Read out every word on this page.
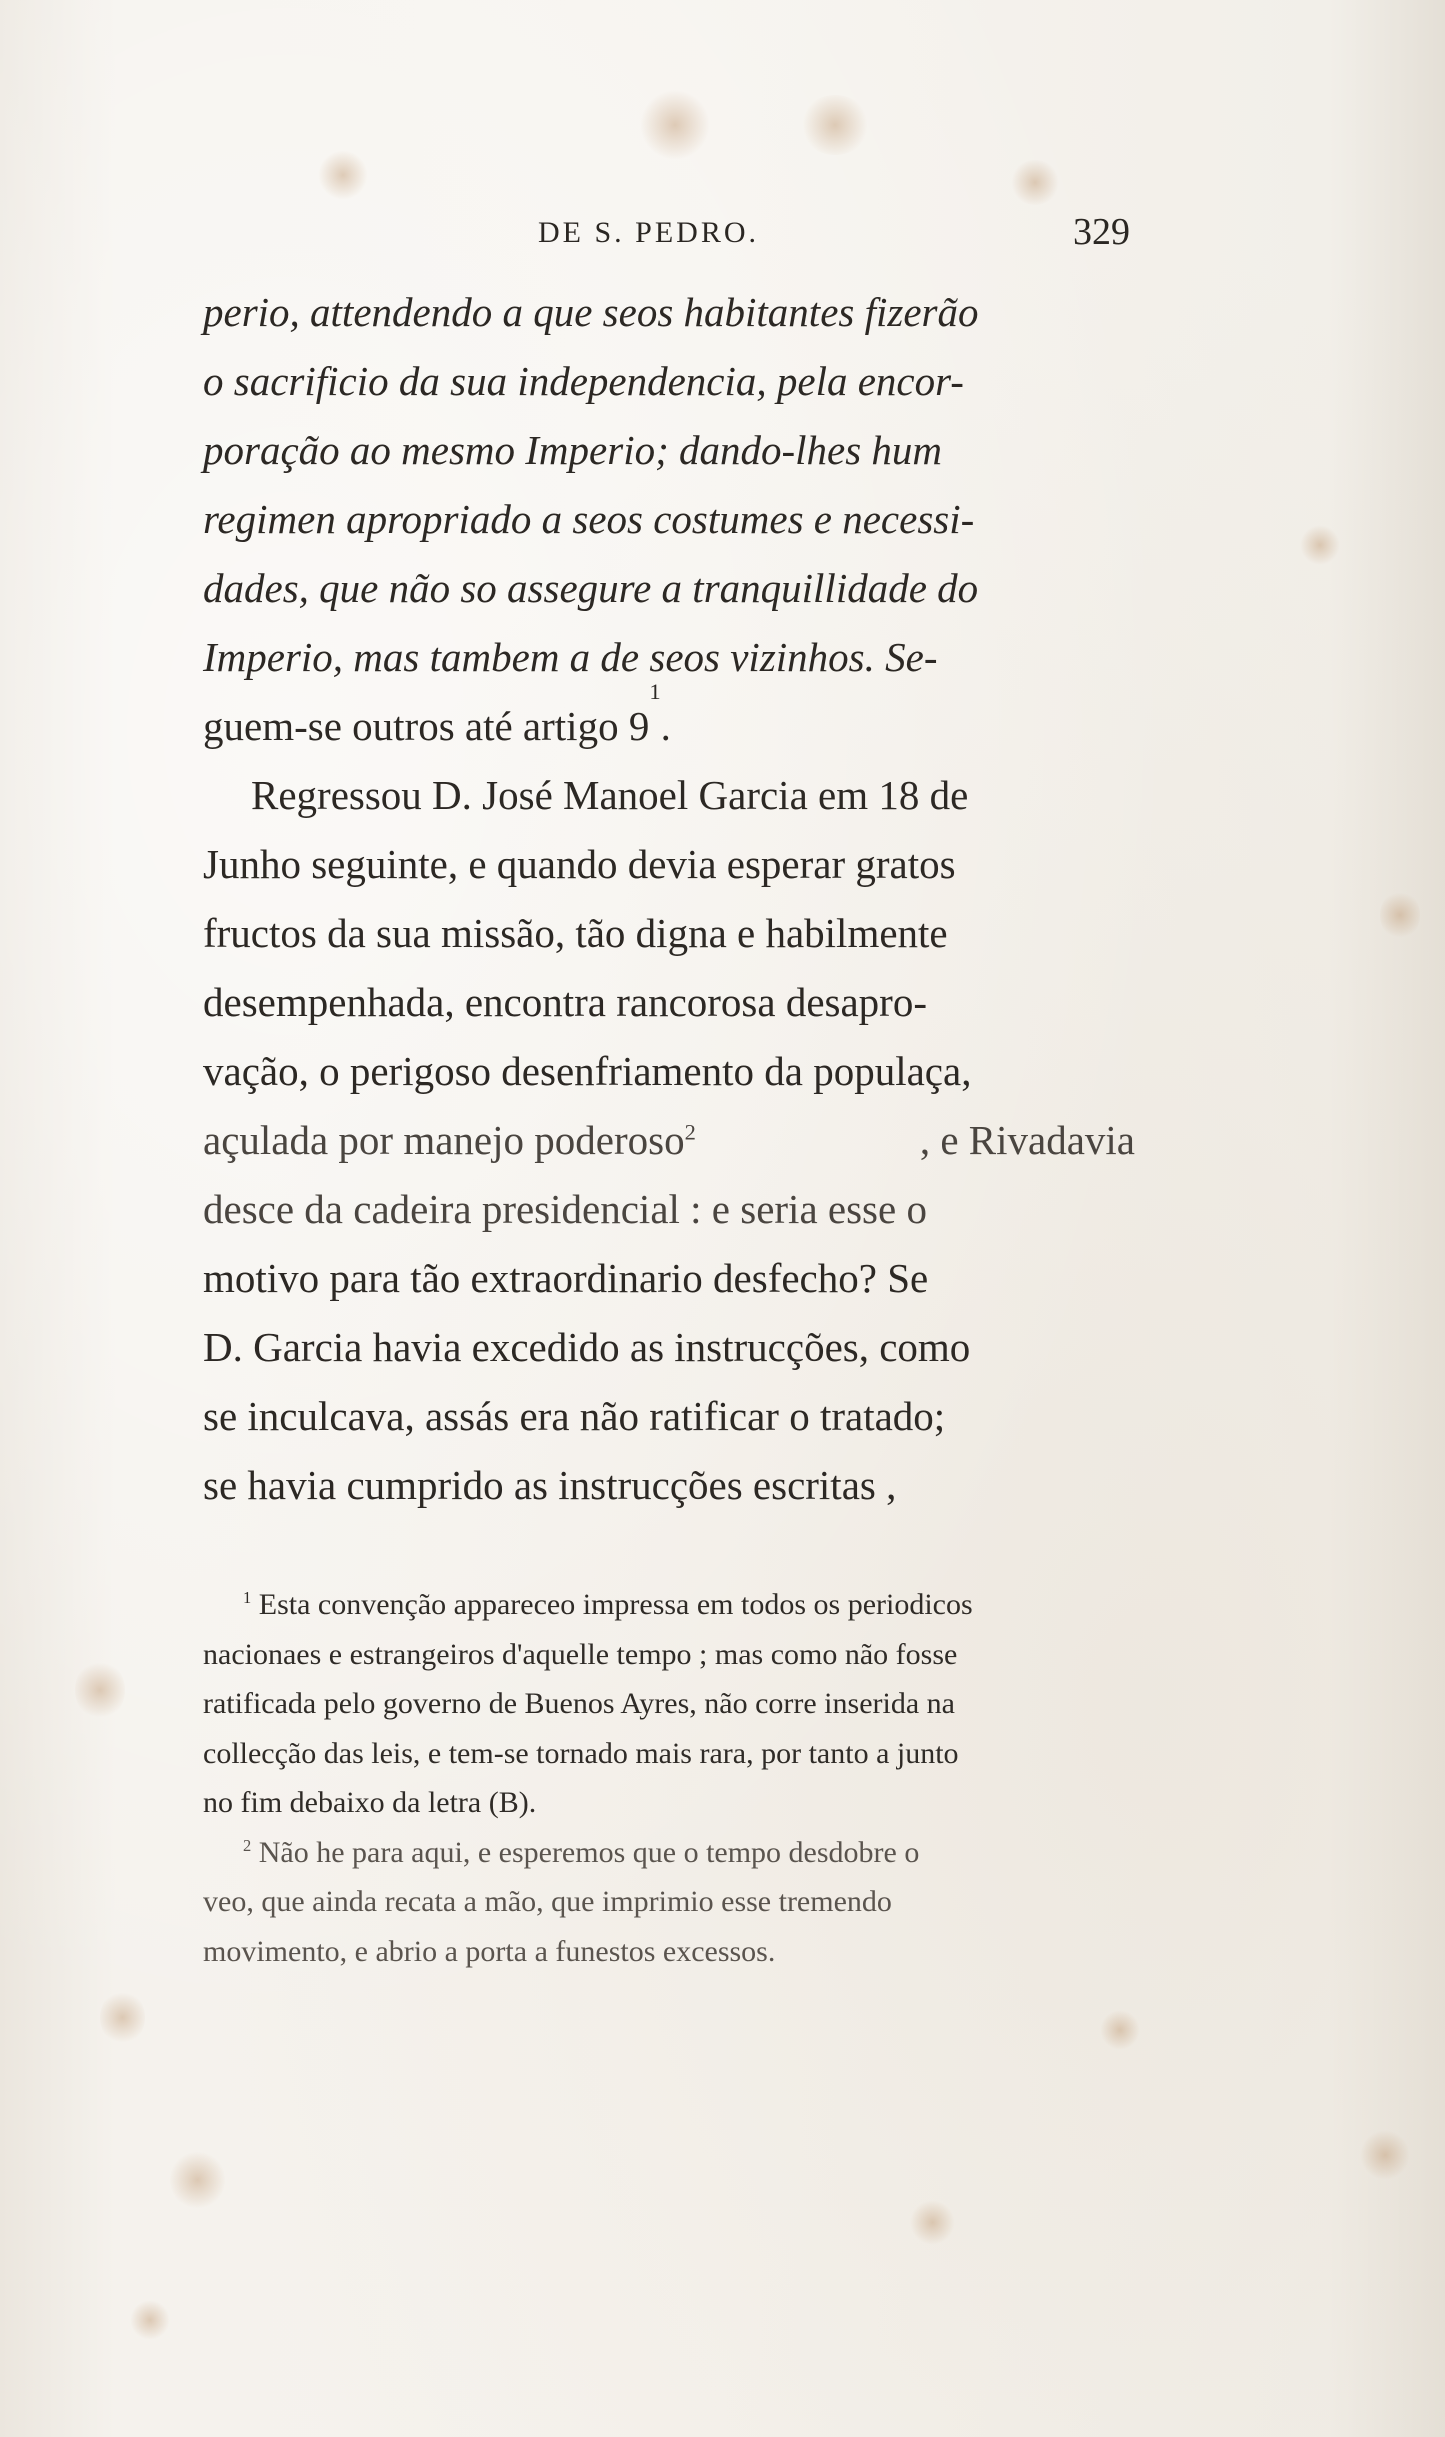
DE S. PEDRO.	329
perio, attendendo a que seos habitantes fizerão
o sacrificio da sua independencia, pela encor-
poração ao mesmo Imperio; dando-lhes hum
regimen apropriado a seos costumes e necessi-
dades, que não so assegure a tranquillidade do
Imperio, mas tambem a de seos vizinhos. Se-
guem-se outros até artigo 9
1
.
Regressou D. José Manoel Garcia em 18 de
Junho seguinte, e quando devia esperar gratos
fructos da sua missão, tão digna e habilmente
desempenhada, encontra rancorosa desapro-
vação, o perigoso desenfriamento da populaça,
açulada por manejo poderoso$^2$	, e Rivadavia
desce da cadeira presidencial : e seria esse o
motivo para tão extraordinario desfecho? Se
D. Garcia havia excedido as instrucções, como
se inculcava, assás era não ratificar o tratado;
se havia cumprido as instrucções escritas ,
$^1$ Esta convenção appareceo impressa em todos os periodicos
nacionaes e estrangeiros d'aquelle tempo ; mas como não fosse
ratificada pelo governo de Buenos Ayres, não corre inserida na
collecção das leis, e tem-se tornado mais rara, por tanto a junto
no fim debaixo da letra (B).
$^2$ Não he para aqui, e esperemos que o tempo desdobre o
veo, que ainda recata a mão, que imprimio esse tremendo
movimento, e abrio a porta a funestos excessos.
